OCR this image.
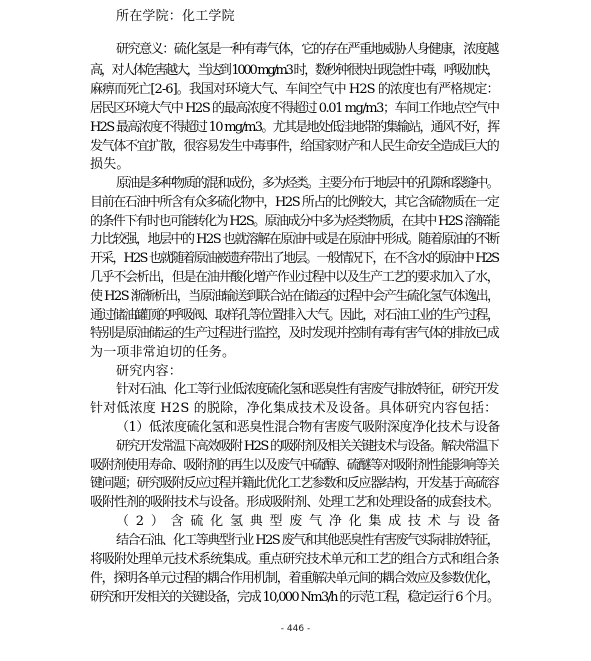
所在学院：化工学院
研究意义：硫化氢是一种有毒气体，它的存在严重地威胁人身健康，浓度越
高，对人体危害越大，当达到 1000 mg/m3 时，数秒钟很快出现急性中毒，呼吸加快，
麻痹而死亡[2-6]。我国对环境大气、车间空气中 H2S 的浓度也有严格规定：
居民区环境大气中 H2S 的最高浓度不得超过 0.01 mg/m3；车间工作地点空气中
H2S 最高浓度不得超过 10 mg/m3。尤其是地处低洼地带的集输站，通风不好，挥
发气体不宜扩散，很容易发生中毒事件，给国家财产和人民生命安全造成巨大的
损失。
原油是多种物质的混和成份，多为烃类。主要分布于地层中的孔隙和裂缝中。
目前在石油中所含有众多硫化物中，H2S 所占的比例较大，其它含硫物质在一定
的条件下有时也可能转化为 H2S。原油成分中多为烃类物质，在其中 H2S 溶解能
力比较强，地层中的 H2S 也就溶解在原油中或是在原油中形成。随着原油的不断
开采，H2S 也就随着原油被遗弃带出了地层。一般情况下，在不含水的原油中 H2S
几乎不会析出，但是在油井酸化增产作业过程中以及生产工艺的要求加入了水，
使 H2S 渐渐析出，当原油输送到联合站在储运的过程中会产生硫化氢气体逸出，
通过储油罐顶的呼吸阀、取样孔等位置排入大气。因此，对石油工业的生产过程，
特别是原油储运的生产过程进行监控，及时发现并控制有毒有害气体的排放已成
为一项非常迫切的任务。
研究内容：
针对石油、化工等行业低浓度硫化氢和恶臭性有害废气排放特征，研究开发
针对低浓度 H2S 的脱除，净化集成技术及设备。具体研究内容包括：
（1）低浓度硫化氢和恶臭性混合物有害废气吸附深度净化技术与设备
研究开发常温下高效吸附 H2S 的吸附剂及相关关键技术与设备。解决常温下
吸附剂使用寿命、吸附剂的再生以及废气中硫醇、硫醚等对吸附剂性能影响等关
键问题；研究吸附反应过程并籍此优化工艺参数和反应器结构，开发基于高硫容
吸附性剂的吸附技术与设备。形成吸附剂、处理工艺和处理设备的成套技术。
（2）含硫化氢典型废气净化集成技术与设备
结合石油、化工等典型行业 H2S 废气和其他恶臭性有害废气实际排放特征，
将吸附处理单元技术系统集成。重点研究技术单元和工艺的组合方式和组合条
件，探明各单元过程的耦合作用机制，着重解决单元间的耦合效应及参数优化，
研究和开发相关的关键设备，完成 10,000 Nm3/h 的示范工程，稳定运行 6 个月。
- 446 -
